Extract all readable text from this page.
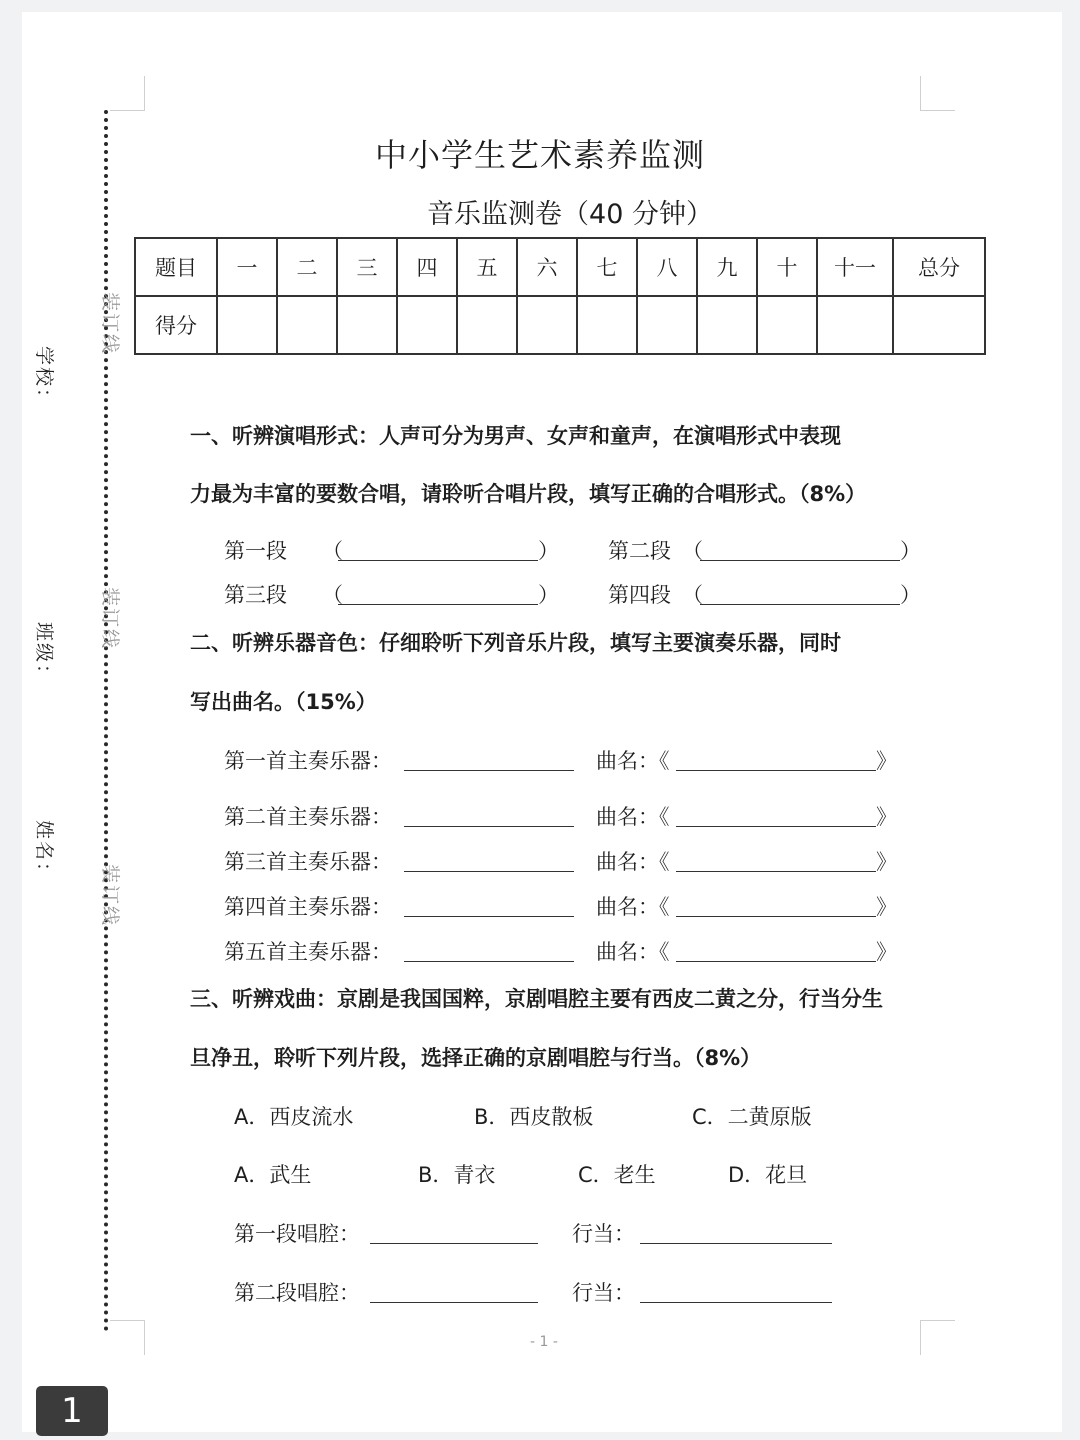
装订线
装订线
装订线
学校：
班级：
姓名：
中小学生艺术素养监测
音乐监测卷（40 分钟）
题目	一	二	三	四	五	六	七	八	九	十	十一	总分
得分												
一、听辨演唱形式：人声可分为男声、女声和童声，在演唱形式中表现
力最为丰富的要数合唱，请聆听合唱片段，填写正确的合唱形式。（8%）
第一段 （	） 第二段 （	）
第三段 （	） 第四段 （	）
二、听辨乐器音色：仔细聆听下列音乐片段，填写主要演奏乐器，同时
写出曲名。（15%）
第一首主奏乐器：	曲名：《	》
第二首主奏乐器：	曲名：《	》
第三首主奏乐器：	曲名：《	》
第四首主奏乐器：	曲名：《	》
第五首主奏乐器：	曲名：《	》
三、听辨戏曲：京剧是我国国粹，京剧唱腔主要有西皮二黄之分，行当分生
旦净丑，聆听下列片段，选择正确的京剧唱腔与行当。（8%）
A．西皮流水	B．西皮散板	C．二黄原版
A．武生	B．青衣	C．老生	D．花旦
第一段唱腔：	行当：
第二段唱腔：	行当：
- 1 -
1
